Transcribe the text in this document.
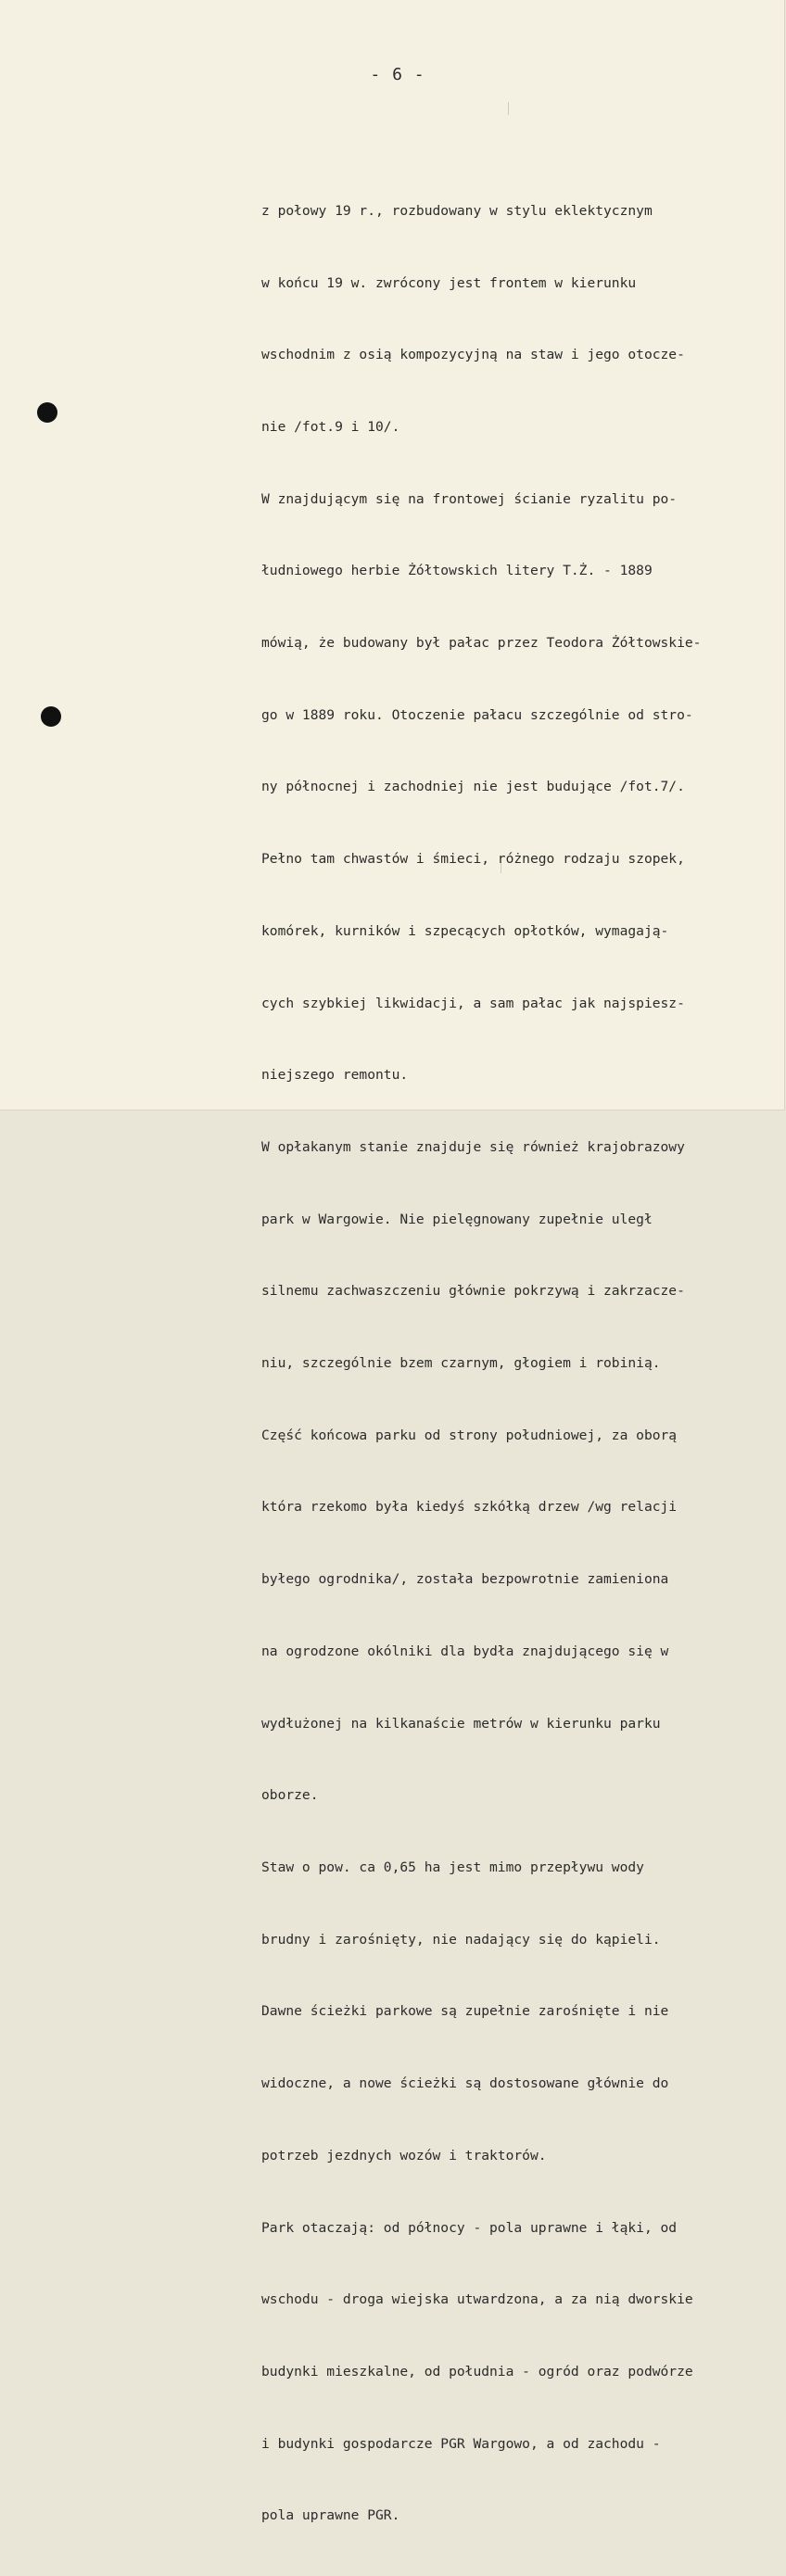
- 6 -

z połowy 19 r., rozbudowany w stylu eklektycznym

w końcu 19 w. zwrócony jest frontem w kierunku

wschodnim z osią kompozycyjną na staw i jego otocze-

nie /fot.9 i 10/.

W znajdującym się na frontowej ścianie ryzalitu po-

łudniowego herbie Żółtowskich litery T.Ż. - 1889

mówią, że budowany był pałac przez Teodora Żółtowskie-

go w 1889 roku. Otoczenie pałacu szczególnie od stro-

ny północnej i zachodniej nie jest budujące /fot.7/.

Pełno tam chwastów i śmieci, różnego rodzaju szopek,

komórek, kurników i szpecących opłotków, wymagają-

cych szybkiej likwidacji, a sam pałac jak najspiesz-

niejszego remontu.

W opłakanym stanie znajduje się również krajobrazowy

park w Wargowie. Nie pielęgnowany zupełnie uległ

silnemu zachwaszczeniu głównie pokrzywą i zakrzacze-

niu, szczególnie bzem czarnym, głogiem i robinią.

Część końcowa parku od strony południowej, za oborą

która rzekomo była kiedyś szkółką drzew /wg relacji

byłego ogrodnika/, została bezpowrotnie zamieniona

na ogrodzone okólniki dla bydła znajdującego się w

wydłużonej na kilkanaście metrów w kierunku parku

oborze.

Staw o pow. ca 0,65 ha jest mimo przepływu wody

brudny i zarośnięty, nie nadający się do kąpieli.

Dawne ścieżki parkowe są zupełnie zarośnięte i nie

widoczne, a nowe ścieżki są dostosowane głównie do

potrzeb jezdnych wozów i traktorów.

Park otaczają: od północy - pola uprawne i łąki, od

wschodu - droga wiejska utwardzona, a za nią dworskie

budynki mieszkalne, od południa - ogród oraz podwórze

i budynki gospodarcze PGR Wargowo, a od zachodu -

pola uprawne PGR.
